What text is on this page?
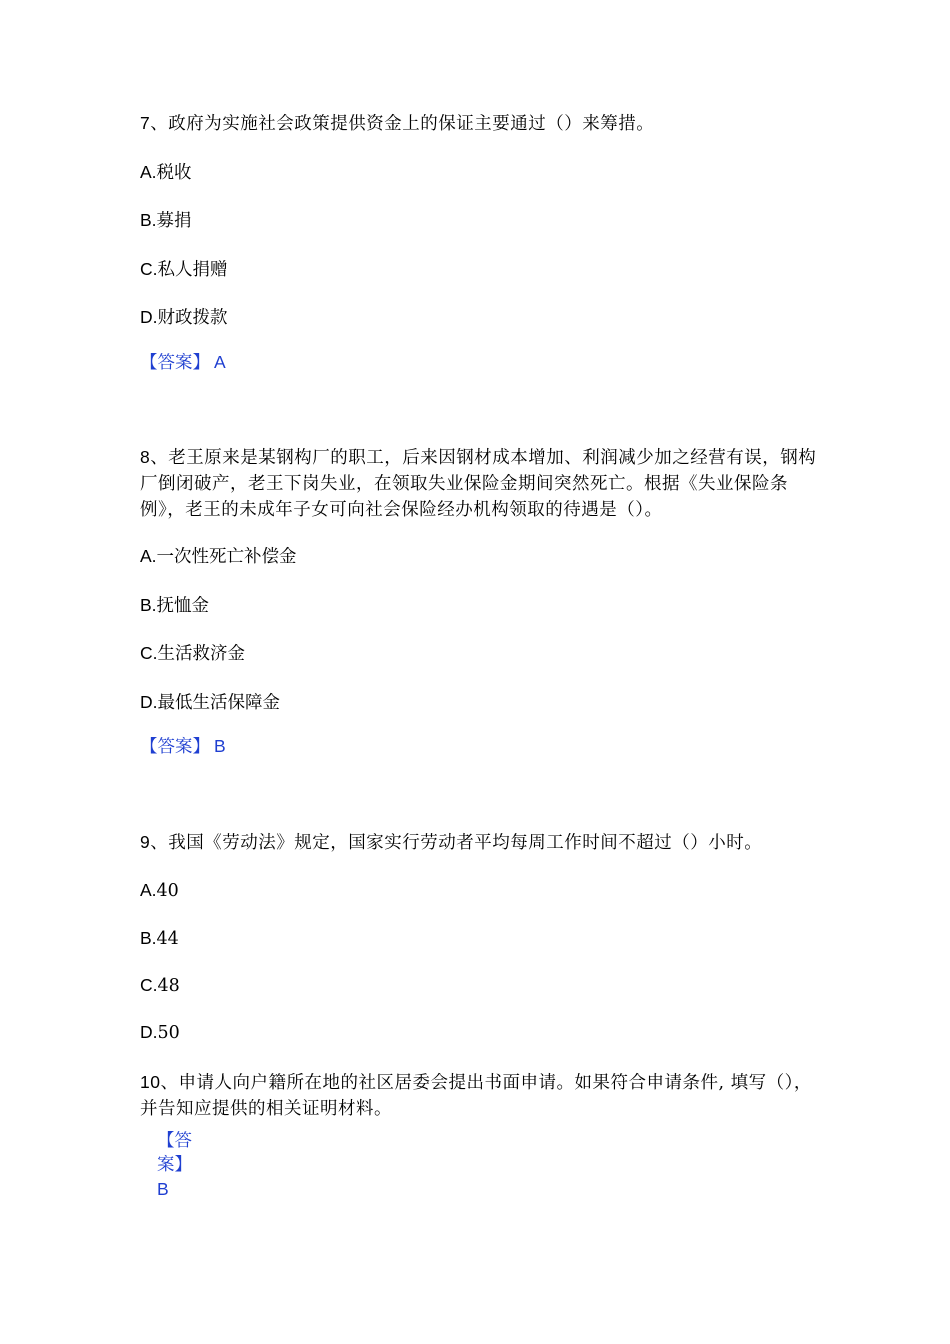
7、政府为实施社会政策提供资金上的保证主要通过（）来筹措。
A.税收
B.募捐
C.私人捐赠
D.财政拨款
【答案】 A
8、老王原来是某钢构厂的职工，后来因钢材成本增加、利润减少加之经营有误，钢构厂倒闭破产，老王下岗失业，在领取失业保险金期间突然死亡。根据《失业保险条例》，老王的未成年子女可向社会保险经办机构领取的待遇是（）。
A.一次性死亡补偿金
B.抚恤金
C.生活救济金
D.最低生活保障金
【答案】 B
9、我国《劳动法》规定，国家实行劳动者平均每周工作时间不超过（）小时。
A.40
B.44
C.48
D.50
10、申请人向户籍所在地的社区居委会提出书面申请。如果符合申请条件, 填写（），并告知应提供的相关证明材料。
【答
案】B
